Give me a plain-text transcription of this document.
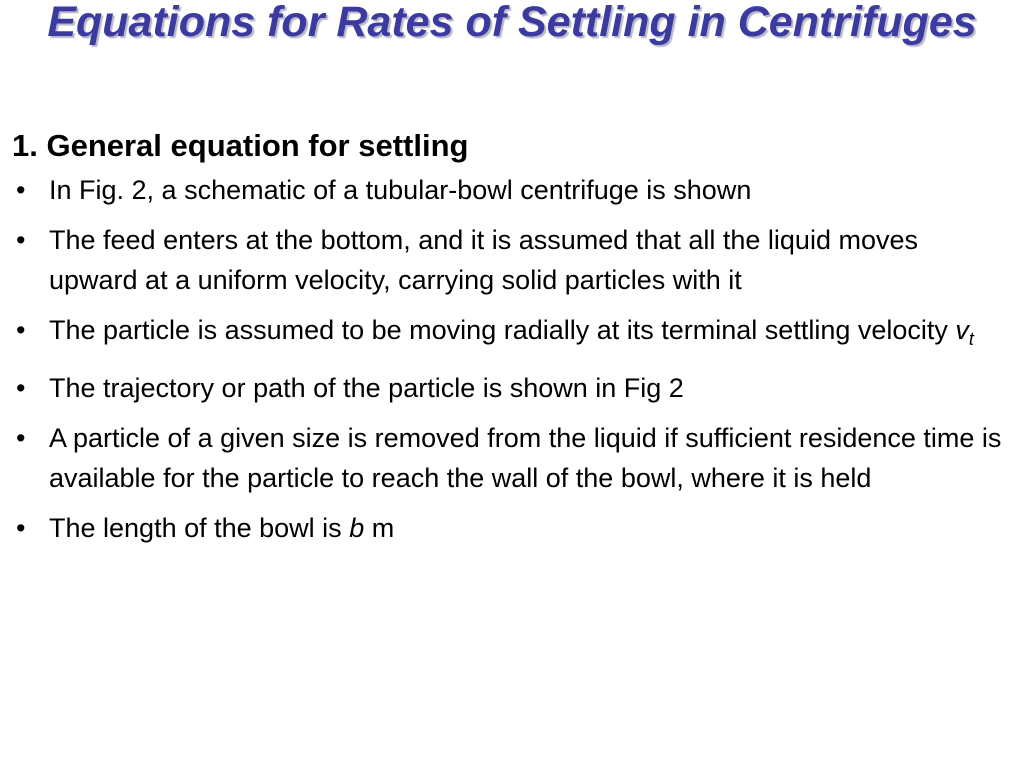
Equations for Rates of Settling in Centrifuges
1. General equation for settling
• In Fig. 2, a schematic of a tubular-bowl centrifuge is shown
• The feed enters at the bottom, and it is assumed that all the liquid moves upward at a uniform velocity, carrying solid particles with it
• The particle is assumed to be moving radially at its terminal settling velocity $v_t$
• The trajectory or path of the particle is shown in Fig 2
• A particle of a given size is removed from the liquid if sufficient residence time is available for the particle to reach the wall of the bowl, where it is held
• The length of the bowl is b m
